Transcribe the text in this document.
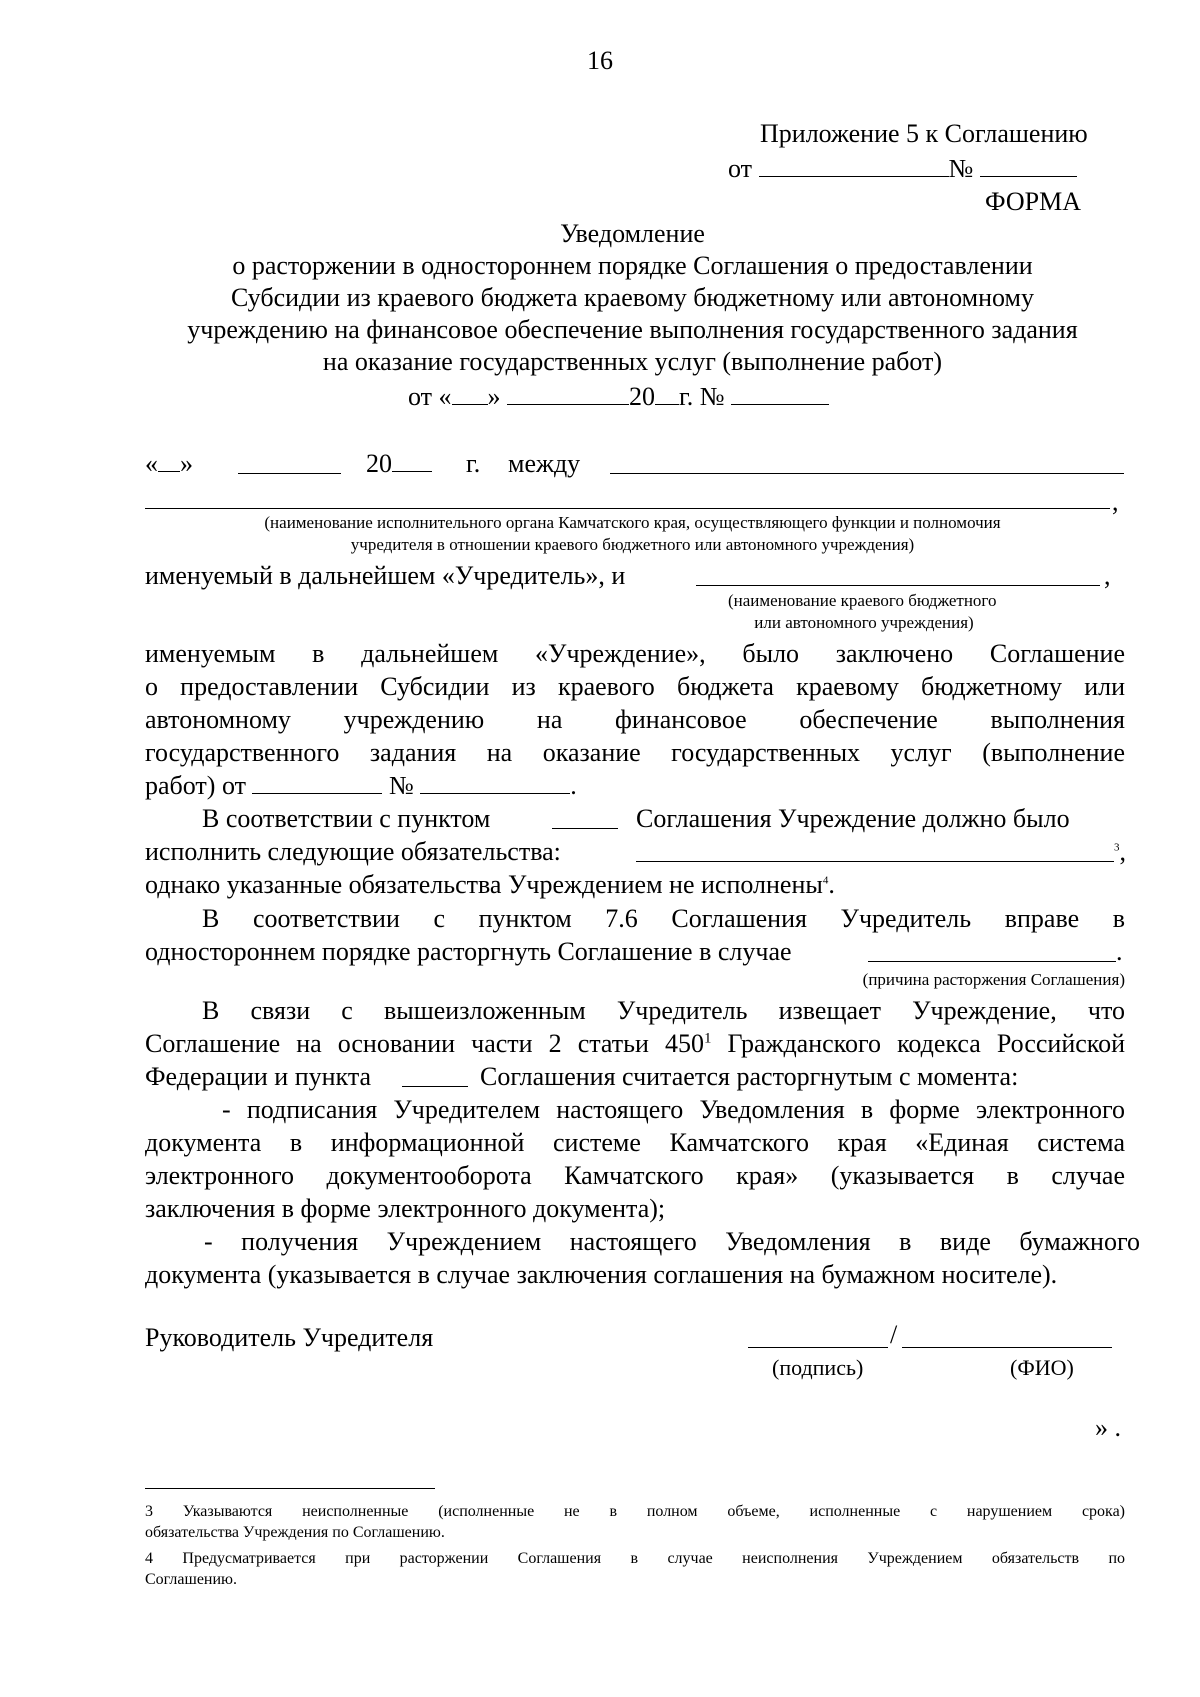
16
Приложение 5 к Соглашению
от	№
ФОРМА
Уведомление
о расторжении в одностороннем порядке Соглашения о предоставлении
Субсидии из краевого бюджета краевому бюджетному или автономному
учреждению на финансовое обеспечение выполнения государственного задания
на оказание государственных услуг (выполнение работ)
от « »	20 г. №
« »	20	г. между
,
(наименование исполнительного органа Камчатского края, осуществляющего функции и полномочия
учредителя в отношении краевого бюджетного или автономного учреждения)
именуемый в дальнейшем «Учредитель», и	,
(наименование краевого бюджетного
или автономного учреждения)
именуемым в дальнейшем «Учреждение», было заключено Соглашение
о предоставлении Субсидии из краевого бюджета краевому бюджетному или
автономному учреждению на финансовое обеспечение выполнения
государственного задания на оказание государственных услуг (выполнение
работ) от	№	.
В соответствии с пунктом	Соглашения Учреждение должно было
исполнить следующие обязательства:	$^3$,
однако указанные обязательства Учреждением не исполнены$^4$.
В соответствии с пунктом 7.6 Соглашения Учредитель вправе в
одностороннем порядке расторгнуть Соглашение в случае	.
(причина расторжения Соглашения)
В связи с вышеизложенным Учредитель извещает Учреждение, что
Соглашение на основании части 2 статьи $450^1$ Гражданского кодекса Российской
Федерации и пункта	Соглашения считается расторгнутым с момента:
- подписания Учредителем настоящего Уведомления в форме электронного
документа в информационной системе Камчатского края «Единая система
электронного документооборота Камчатского края» (указывается в случае
заключения в форме электронного документа);
- получения Учреждением настоящего Уведомления в виде бумажного
документа (указывается в случае заключения соглашения на бумажном носителе).
Руководитель Учредителя	/
(подпись)	(ФИО)
» .
3 Указываются неисполненные (исполненные не в полном объеме, исполненные с нарушением срока)
обязательства Учреждения по Соглашению.
4 Предусматривается при расторжении Соглашения в случае неисполнения Учреждением обязательств по
Соглашению.
